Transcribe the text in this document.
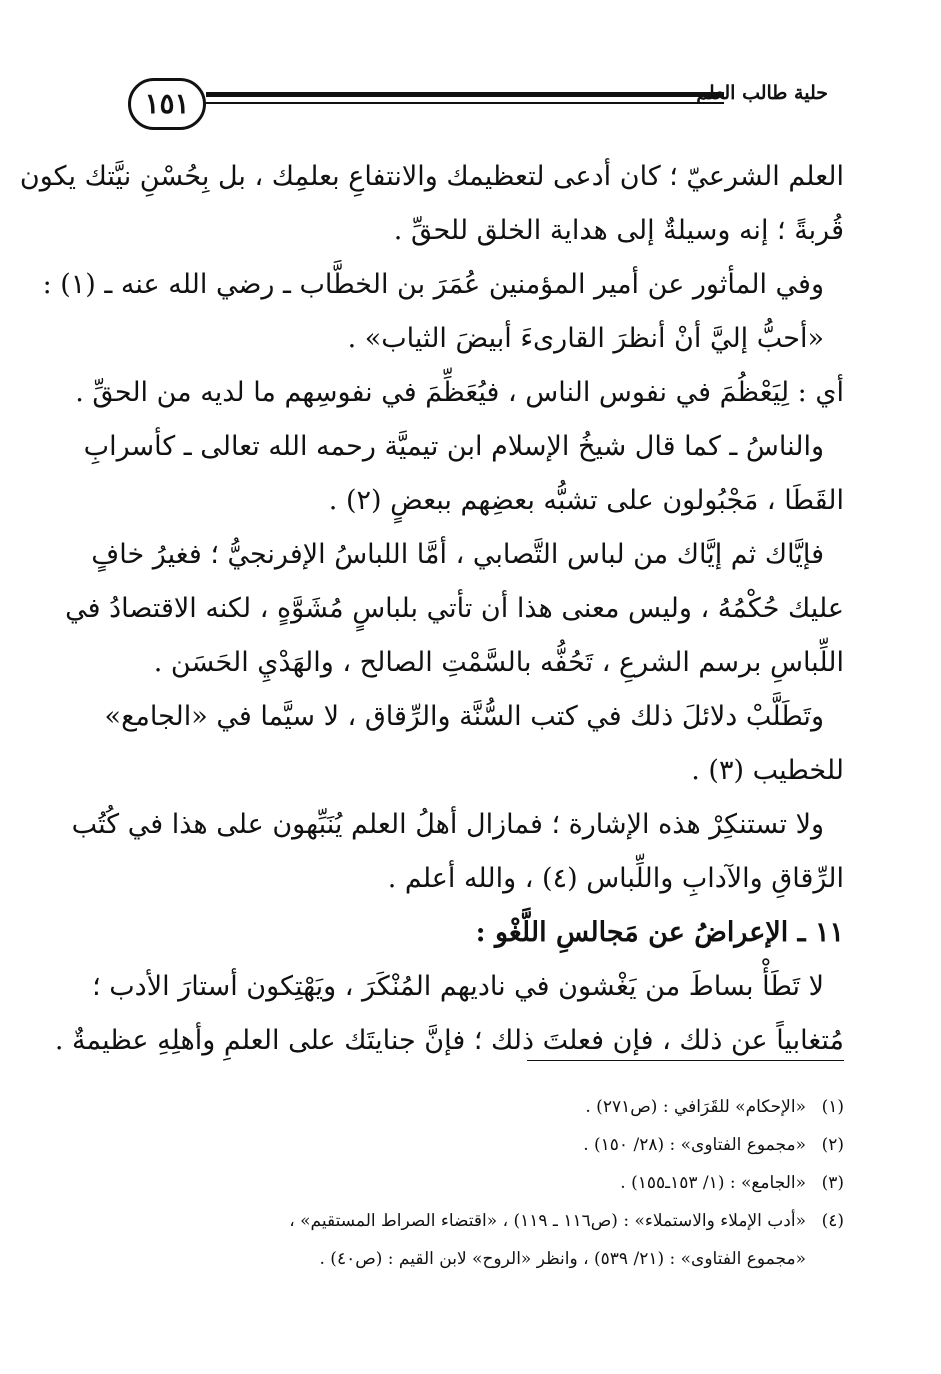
١٥١	حلية طالب العلم
العلم الشرعيّ ؛ كان أدعى لتعظيمك والانتفاعِ بعلمِك ، بل بِحُسْنِ نيَّتك يكون
قُربةً ؛ إنه وسيلةٌ إلى هداية الخلق للحقِّ .
وفي المأثور عن أمير المؤمنين عُمَرَ بن الخطَّاب ـ رضي الله عنه ـ (١) :
«أحبُّ إليَّ أنْ أنظرَ القارىءَ أبيضَ الثياب» .
أي : لِيَعْظُمَ في نفوس الناس ، فيُعَظِّمَ في نفوسِهم ما لديه من الحقِّ .
والناسُ ـ كما قال شيخُ الإسلام ابن تيميَّة رحمه الله تعالى ـ كأسرابِ
القَطَا ، مَجْبُولون على تشبُّه بعضِهم ببعضٍ (٢) .
فإيَّاك ثم إيَّاك من لباس التَّصابي ، أمَّا اللباسُ الإفرنجيُّ ؛ فغيرُ خافٍ
عليك حُكْمُهُ ، وليس معنى هذا أن تأتي بلباسٍ مُشَوَّهٍ ، لكنه الاقتصادُ في
اللِّباسِ برسم الشرعِ ، تَحُفُّه بالسَّمْتِ الصالح ، والهَدْيِ الحَسَن .
وتَطَلَّبْ دلائلَ ذلك في كتب السُّنَّة والرِّقاق ، لا سيَّما في «الجامع»
للخطيب (٣) .
ولا تستنكِرْ هذه الإشارة ؛ فمازال أهلُ العلم يُنَبِّهون على هذا في كُتُب
الرِّقاقِ والآدابِ واللِّباس (٤) ، والله أعلم .
١١ ـ الإعراضُ عن مَجالسِ اللَّغْو :
لا تَطَأْ بساطَ من يَغْشون في ناديهم المُنْكَرَ ، ويَهْتِكون أستارَ الأدب ؛
مُتغابياً عن ذلك ، فإن فعلتَ ذلك ؛ فإنَّ جنايتَك على العلمِ وأهلِهِ عظيمةٌ .
(١)«الإحكام» للقَرَافي : (ص٢٧١) .
(٢)«مجموع الفتاوى» : (٢٨/ ١٥٠) .
(٣)«الجامع» : (١/ ١٥٣ـ١٥٥) .
(٤)«أدب الإملاء والاستملاء» : (ص١١٦ ـ ١١٩) ، «اقتضاء الصراط المستقيم» ،
«مجموع الفتاوى» : (٢١/ ٥٣٩) ، وانظر «الروح» لابن القيم : (ص٤٠) .
